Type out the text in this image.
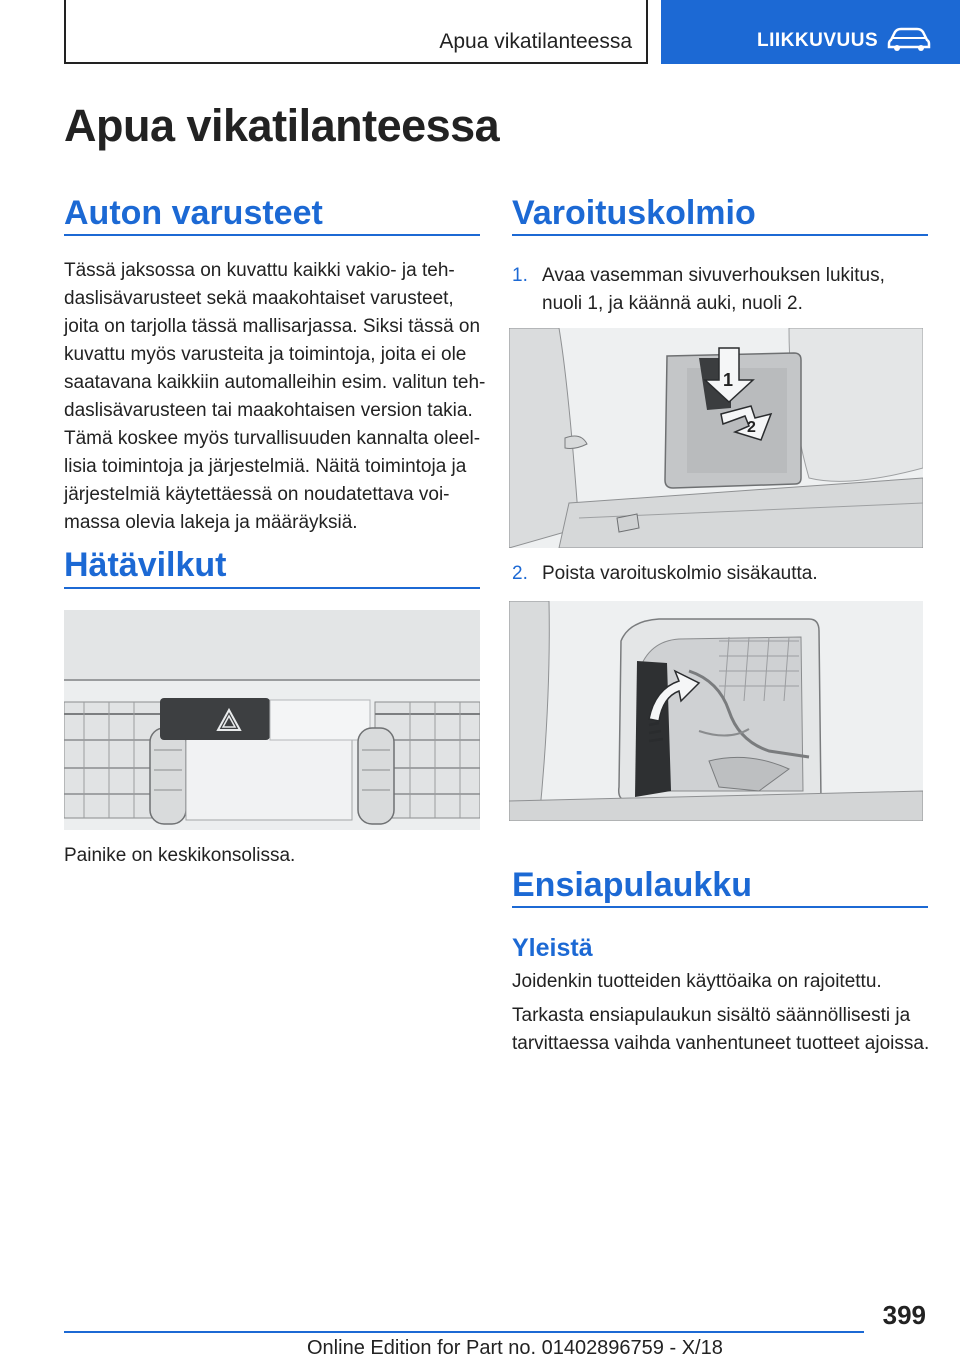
Apua vikatilanteessa	LIIKKUVUUS
Apua vikatilanteessa
Auton varusteet

Tässä jaksossa on kuvattu kaikki vakio- ja teh-
daslisävarusteet sekä maakohtaiset varusteet,
joita on tarjolla tässä mallisarjassa. Siksi tässä on
kuvattu myös varusteita ja toimintoja, joita ei ole
saatavana kaikkiin automalleihin esim. valitun teh-
daslisävarusteen tai maakohtaisen version takia.
Tämä koskee myös turvallisuuden kannalta oleel-
lisia toimintoja ja järjestelmiä. Näitä toimintoja ja
järjestelmiä käytettäessä on noudatettava voi-
massa olevia lakeja ja määräyksiä.

Hätävilkut

Painike on keskikonsolissa.

Varoituskolmio
1. Avaa vasemman sivuverhouksen lukitus,
nuoli 1, ja käännä auki, nuoli 2.
1
2
2. Poista varoituskolmio sisäkautta.
Ensiapulaukku
Yleistä

Joidenkin tuotteiden käyttöaika on rajoitettu.

Tarkasta ensiapulaukun sisältö säännöllisesti ja
tarvittaessa vaihda vanhentuneet tuotteet ajoissa.

399
Online Edition for Part no. 01402896759 - X/18
